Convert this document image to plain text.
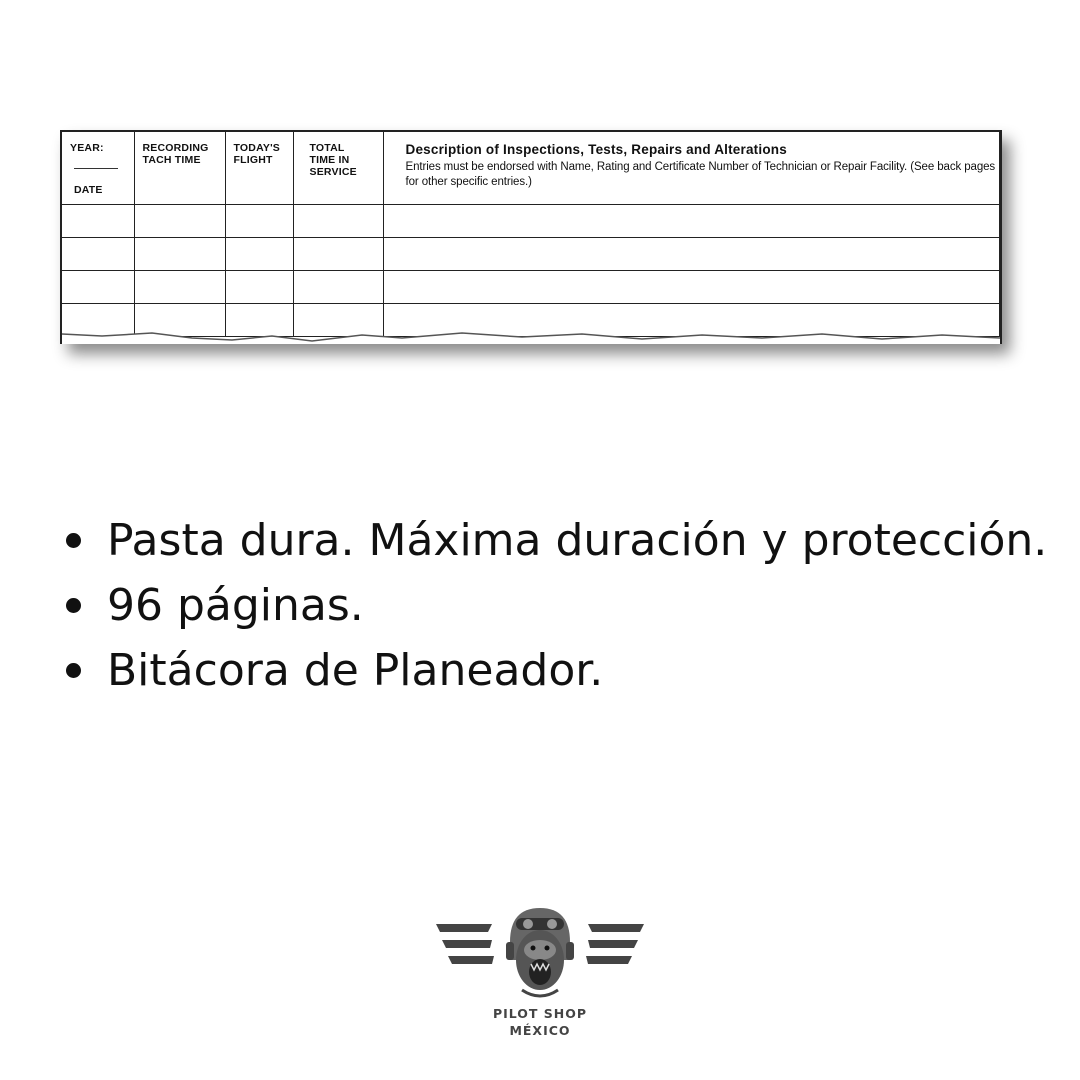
YEAR:
DATE	RECORDING TACH TIME	TODAY'S FLIGHT	TOTAL TIME IN SERVICE	Description of Inspections, Tests, Repairs and Alterations
Entries must be endorsed with Name, Rating and Certificate Number of Technician or Repair Facility. (See back pages for other specific entries.)

Pasta dura. Máxima duración y protección.
96 páginas.
Bitácora de Planeador.
PILOT SHOP
MÉXICO
